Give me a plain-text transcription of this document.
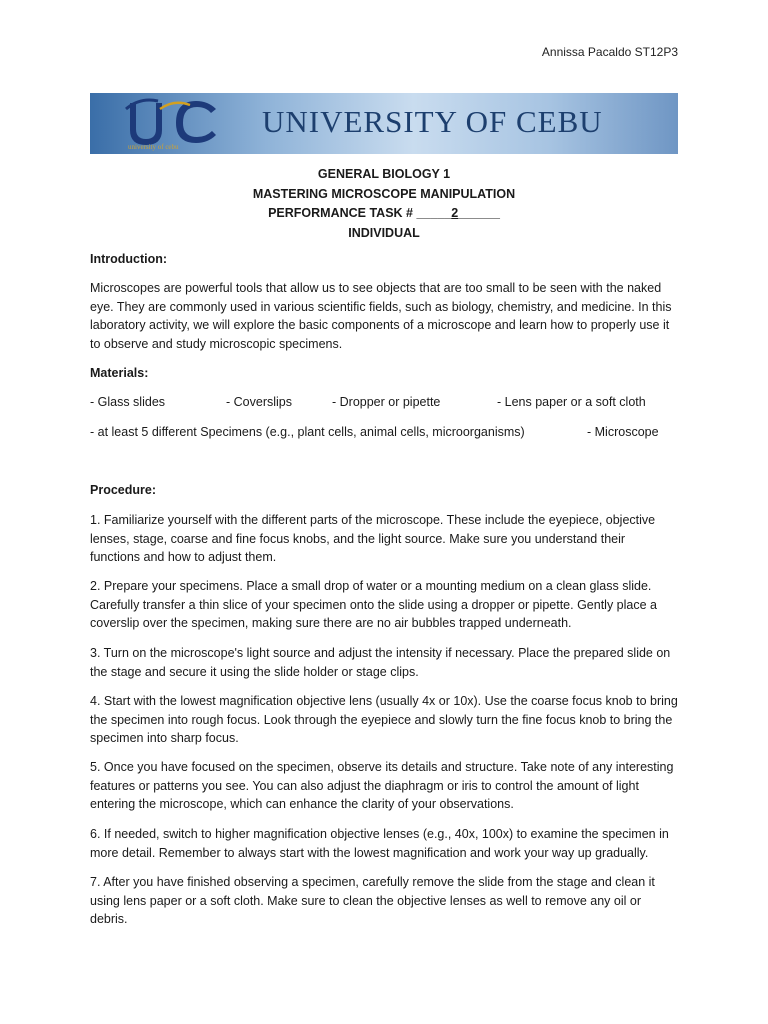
Annissa Pacaldo ST12P3
university of cebu
UNIVERSITY OF CEBU
GENERAL BIOLOGY 1
MASTERING MICROSCOPE MANIPULATION
PERFORMANCE TASK # _____2______
INDIVIDUAL
Introduction:

Microscopes are powerful tools that allow us to see objects that are too small to be seen with the naked eye. They are commonly used in various scientific fields, such as biology, chemistry, and medicine. In this laboratory activity, we will explore the basic components of a microscope and learn how to properly use it to observe and study microscopic specimens.

Materials:
- Glass slides	- Coverslips	- Dropper or pipette	- Lens paper or a soft cloth
- at least 5 different Specimens (e.g., plant cells, animal cells, microorganisms)	- Microscope
Procedure:

1. Familiarize yourself with the different parts of the microscope. These include the eyepiece, objective lenses, stage, coarse and fine focus knobs, and the light source. Make sure you understand their functions and how to adjust them.

2. Prepare your specimens. Place a small drop of water or a mounting medium on a clean glass slide. Carefully transfer a thin slice of your specimen onto the slide using a dropper or pipette. Gently place a coverslip over the specimen, making sure there are no air bubbles trapped underneath.

3. Turn on the microscope's light source and adjust the intensity if necessary. Place the prepared slide on the stage and secure it using the slide holder or stage clips.

4. Start with the lowest magnification objective lens (usually 4x or 10x). Use the coarse focus knob to bring the specimen into rough focus. Look through the eyepiece and slowly turn the fine focus knob to bring the specimen into sharp focus.

5. Once you have focused on the specimen, observe its details and structure. Take note of any interesting features or patterns you see. You can also adjust the diaphragm or iris to control the amount of light entering the microscope, which can enhance the clarity of your observations.

6. If needed, switch to higher magnification objective lenses (e.g., 40x, 100x) to examine the specimen in more detail. Remember to always start with the lowest magnification and work your way up gradually.

7. After you have finished observing a specimen, carefully remove the slide from the stage and clean it using lens paper or a soft cloth. Make sure to clean the objective lenses as well to remove any oil or debris.
